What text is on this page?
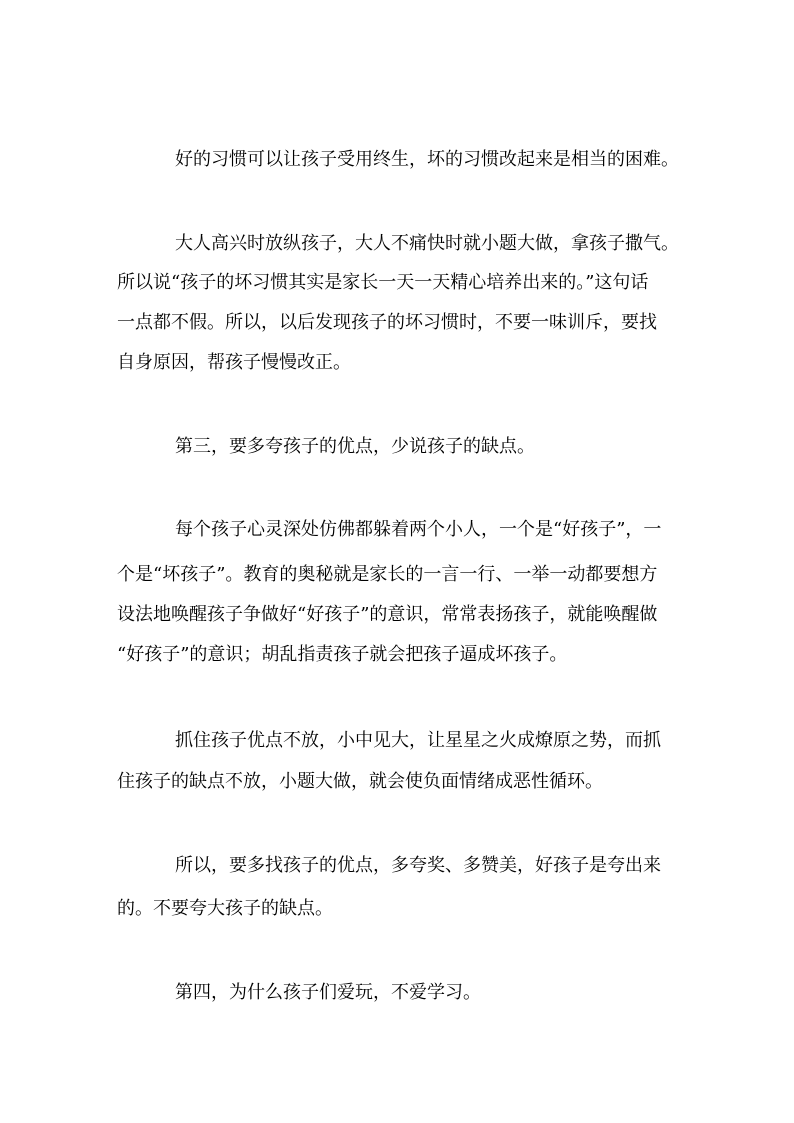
好的习惯可以让孩子受用终生，坏的习惯改起来是相当的困难。
大人高兴时放纵孩子，大人不痛快时就小题大做，拿孩子撒气。
所以说“孩子的坏习惯其实是家长一天一天精心培养出来的。”这句话
一点都不假。所以，以后发现孩子的坏习惯时，不要一味训斥，要找
自身原因，帮孩子慢慢改正。
第三，要多夸孩子的优点，少说孩子的缺点。
每个孩子心灵深处仿佛都躲着两个小人，一个是“好孩子”，一
个是“坏孩子”。教育的奥秘就是家长的一言一行、一举一动都要想方
设法地唤醒孩子争做好“好孩子”的意识，常常表扬孩子，就能唤醒做
“好孩子”的意识；胡乱指责孩子就会把孩子逼成坏孩子。
抓住孩子优点不放，小中见大，让星星之火成燎原之势，而抓
住孩子的缺点不放，小题大做，就会使负面情绪成恶性循环。
所以，要多找孩子的优点，多夸奖、多赞美，好孩子是夸出来
的。不要夸大孩子的缺点。
第四，为什么孩子们爱玩，不爱学习。
